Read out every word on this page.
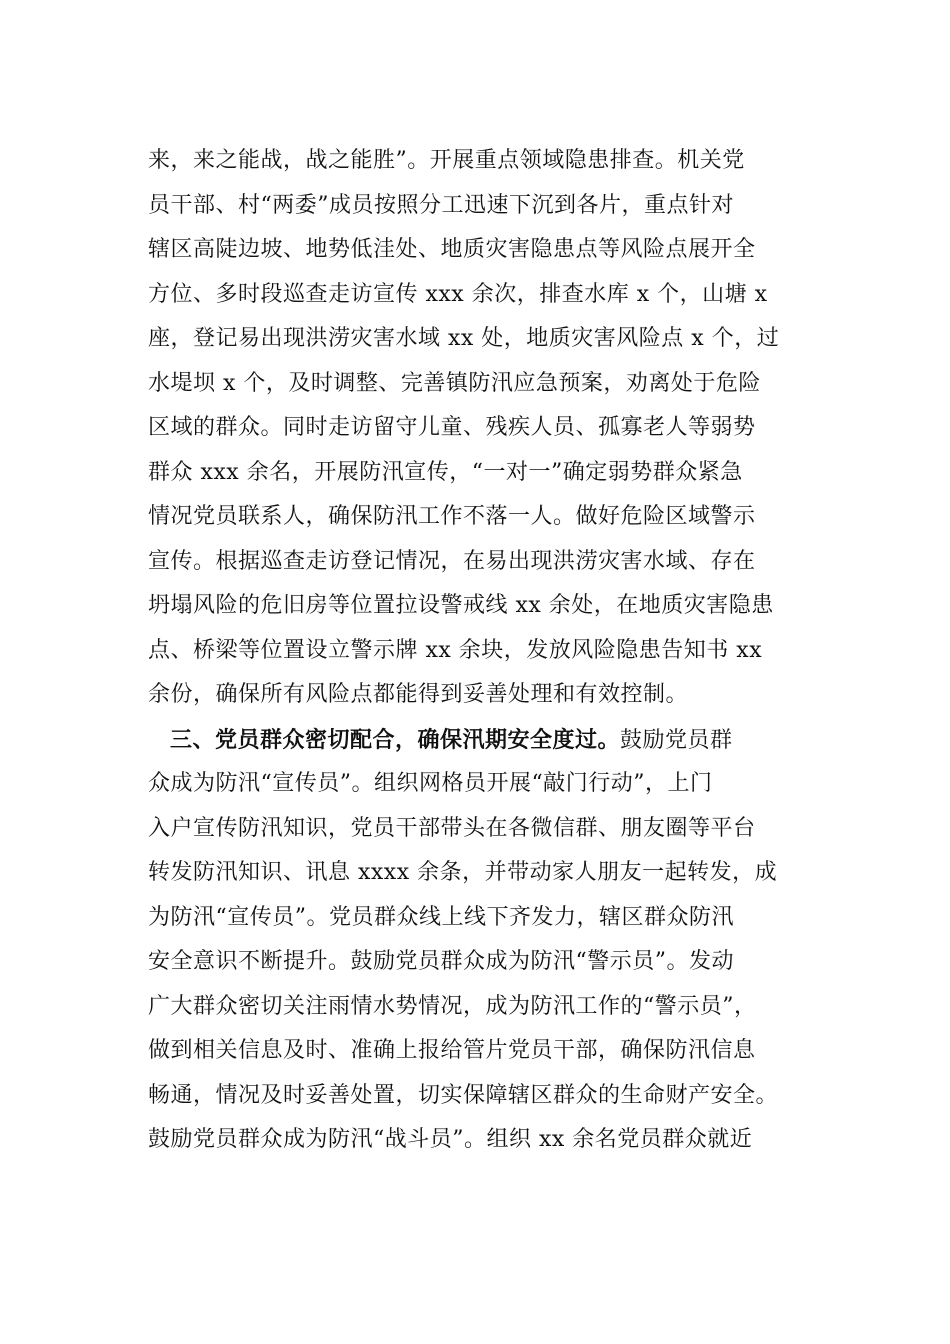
来，来之能战，战之能胜”。开展重点领域隐患排查。机关党
员干部、村“两委”成员按照分工迅速下沉到各片，重点针对
辖区高陡边坡、地势低洼处、地质灾害隐患点等风险点展开全
方位、多时段巡查走访宣传 xxx 余次，排查水库 x 个，山塘 x
座，登记易出现洪涝灾害水域 xx 处，地质灾害风险点 x 个，过
水堤坝 x 个，及时调整、完善镇防汛应急预案，劝离处于危险
区域的群众。同时走访留守儿童、残疾人员、孤寡老人等弱势
群众 xxx 余名，开展防汛宣传，“一对一”确定弱势群众紧急
情况党员联系人，确保防汛工作不落一人。做好危险区域警示
宣传。根据巡查走访登记情况，在易出现洪涝灾害水域、存在
坍塌风险的危旧房等位置拉设警戒线 xx 余处，在地质灾害隐患
点、桥梁等位置设立警示牌 xx 余块，发放风险隐患告知书 xx
余份，确保所有风险点都能得到妥善处理和有效控制。
三、党员群众密切配合，确保汛期安全度过。鼓励党员群
众成为防汛“宣传员”。组织网格员开展“敲门行动”，上门
入户宣传防汛知识，党员干部带头在各微信群、朋友圈等平台
转发防汛知识、讯息 xxxx 余条，并带动家人朋友一起转发，成
为防汛“宣传员”。党员群众线上线下齐发力，辖区群众防汛
安全意识不断提升。鼓励党员群众成为防汛“警示员”。发动
广大群众密切关注雨情水势情况，成为防汛工作的“警示员”，
做到相关信息及时、准确上报给管片党员干部，确保防汛信息
畅通，情况及时妥善处置，切实保障辖区群众的生命财产安全。
鼓励党员群众成为防汛“战斗员”。组织 xx 余名党员群众就近
